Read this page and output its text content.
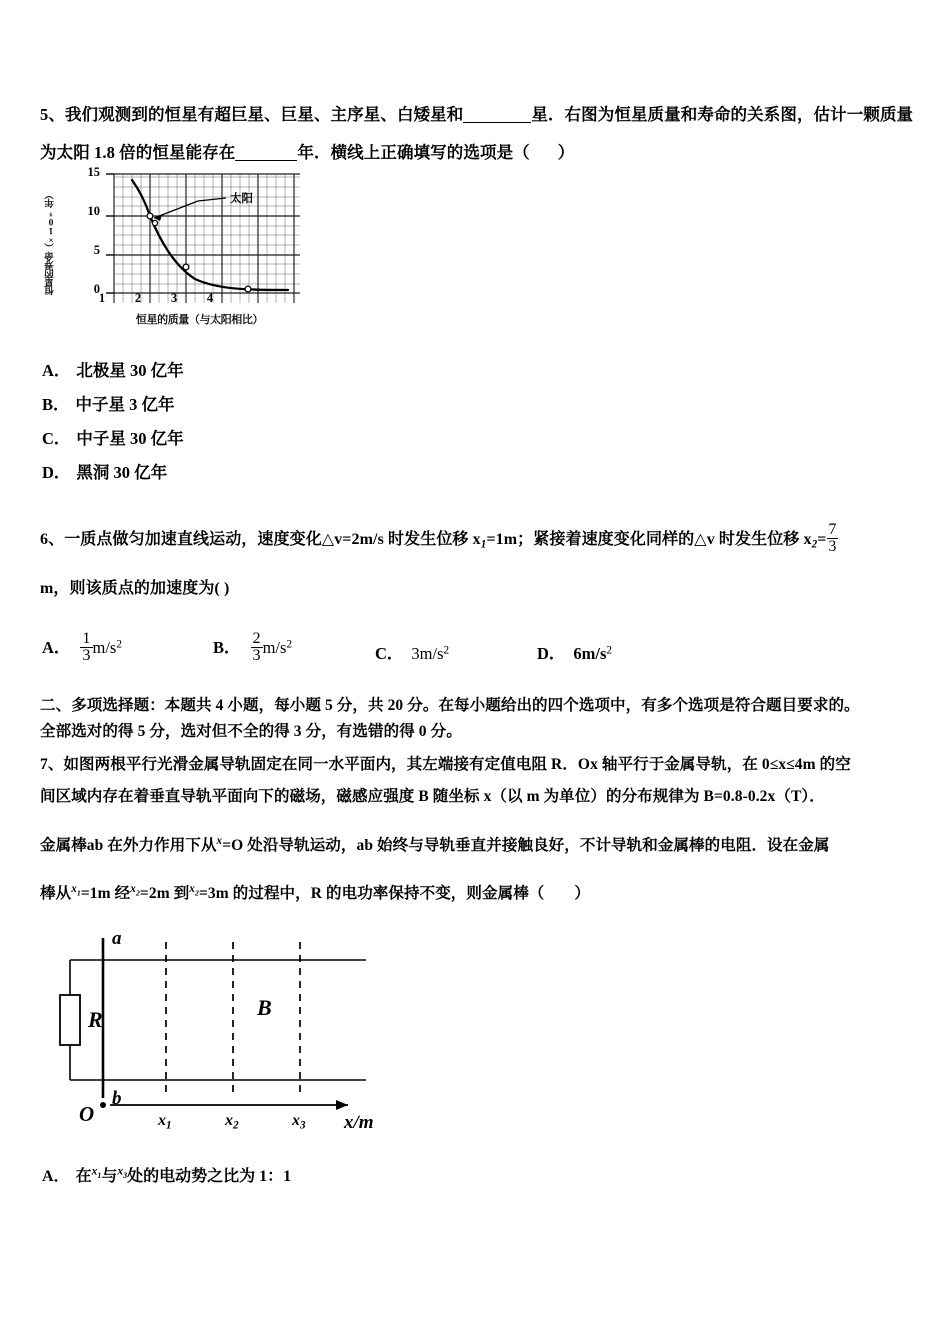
5、我们观测到的恒星有超巨星、巨星、主序星、白矮星和	星．右图为恒星质量和寿命的关系图，估计一颗质量
为太阳 1.8 倍的恒星能存在	年．横线上正确填写的选项是（ ）
恒星的寿命（×10⁹年）
15
10
5
0
太阳
1	2	3	4
恒星的质量（与太阳相比）
A． 北极星 30 亿年
B． 中子星 3 亿年
C． 中子星 30 亿年
D． 黑洞 30 亿年
6、一质点做匀加速直线运动，速度变化△v=2m/s 时发生位移 $x_1=1m$；紧接着速度变化同样的△v 时发生位移 $x_2= \frac{7}{3}$
m，则该质点的加速度为( )
A． $\frac{1}{3} m/s^2$	B． $\frac{2}{3} m/s^2$	C． $3m/s^2$	D． $6m/s^2$
二、多项选择题：本题共 4 小题，每小题 5 分，共 20 分。在每小题给出的四个选项中，有多个选项是符合题目要求的。
全部选对的得 5 分，选对但不全的得 3 分，有选错的得 0 分。
7、如图两根平行光滑金属导轨固定在同一水平面内，其左端接有定值电阻 R．Ox 轴平行于金属导轨，在 0≤x≤4m 的空
间区域内存在着垂直导轨平面向下的磁场，磁感应强度 B 随坐标 x（以 m 为单位）的分布规律为 B=0.8-0.2x（T）．
金属棒ab 在外力作用下从$^x$=O 处沿导轨运动，ab 始终与导轨垂直并接触良好，不计导轨和金属棒的电阻．设在金属
棒从$^x$1=1m 经$^x$2=2m 到$^x$2=3m 的过程中，R 的电功率保持不变，则金属棒（ ）
a
b
R	B
O	$x_1$	$x_2$	$x_3$ x/m
A． 在$^x$1与$^x$3处的电动势之比为 1：1
